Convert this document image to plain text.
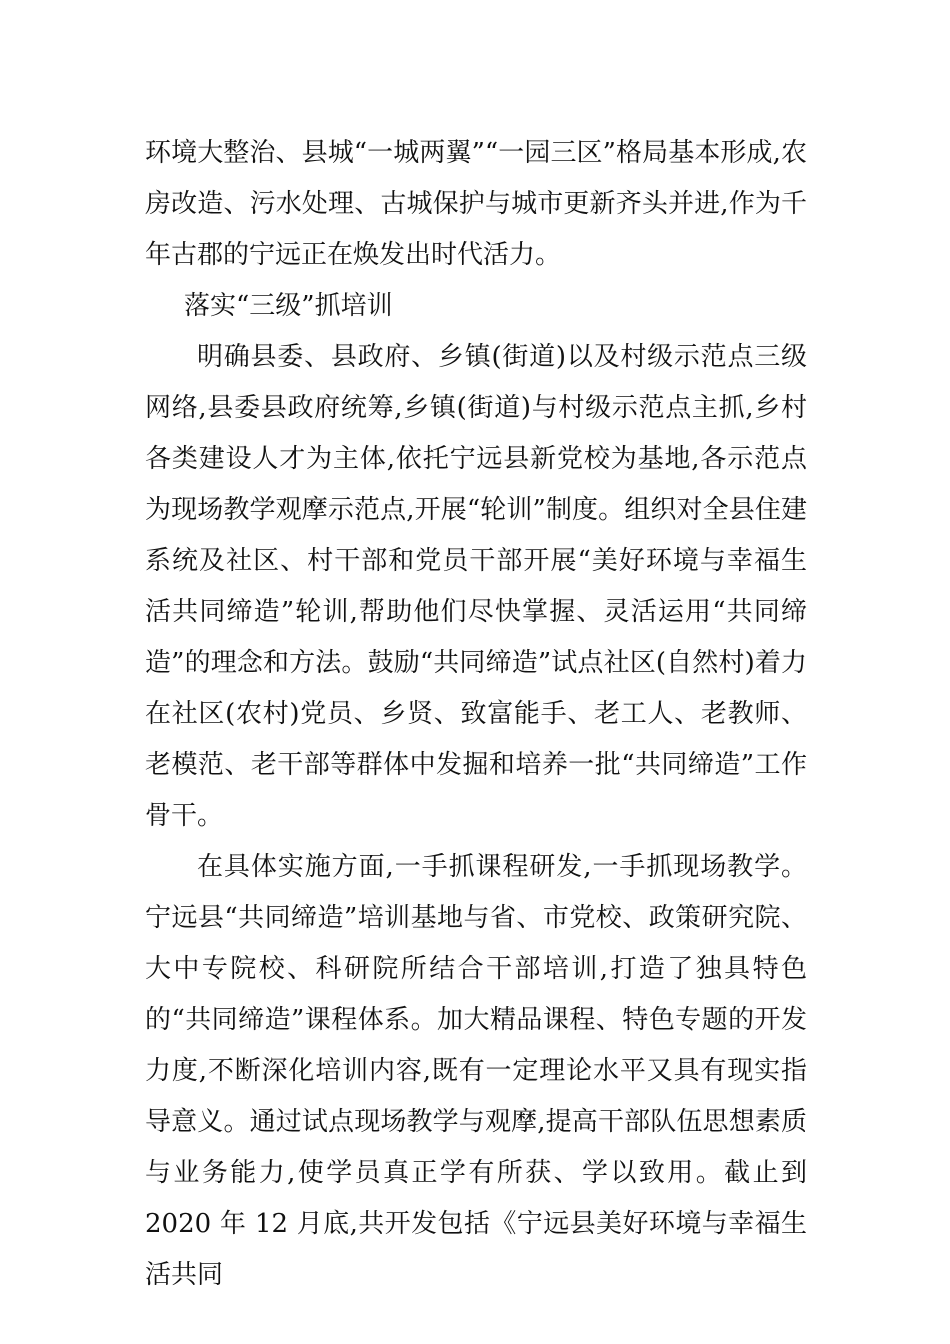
环境大整治、县城“一城两翼”“一园三区”格局基本形成,农房改造、污水处理、古城保护与城市更新齐头并进,作为千年古郡的宁远正在焕发出时代活力。

落实“三级”抓培训

明确县委、县政府、乡镇(街道)以及村级示范点三级网络,县委县政府统筹,乡镇(街道)与村级示范点主抓,乡村各类建设人才为主体,依托宁远县新党校为基地,各示范点为现场教学观摩示范点,开展“轮训”制度。组织对全县住建系统及社区、村干部和党员干部开展“美好环境与幸福生活共同缔造”轮训,帮助他们尽快掌握、灵活运用“共同缔造”的理念和方法。鼓励“共同缔造”试点社区(自然村)着力在社区(农村)党员、乡贤、致富能手、老工人、老教师、老模范、老干部等群体中发掘和培养一批“共同缔造”工作骨干。

在具体实施方面,一手抓课程研发,一手抓现场教学。宁远县“共同缔造”培训基地与省、市党校、政策研究院、大中专院校、科研院所结合干部培训,打造了独具特色的“共同缔造”课程体系。加大精品课程、特色专题的开发力度,不断深化培训内容,既有一定理论水平又具有现实指导意义。通过试点现场教学与观摩,提高干部队伍思想素质与业务能力,使学员真正学有所获、学以致用。截止到 2020 年 12 月底,共开发包括《宁远县美好环境与幸福生活共同
